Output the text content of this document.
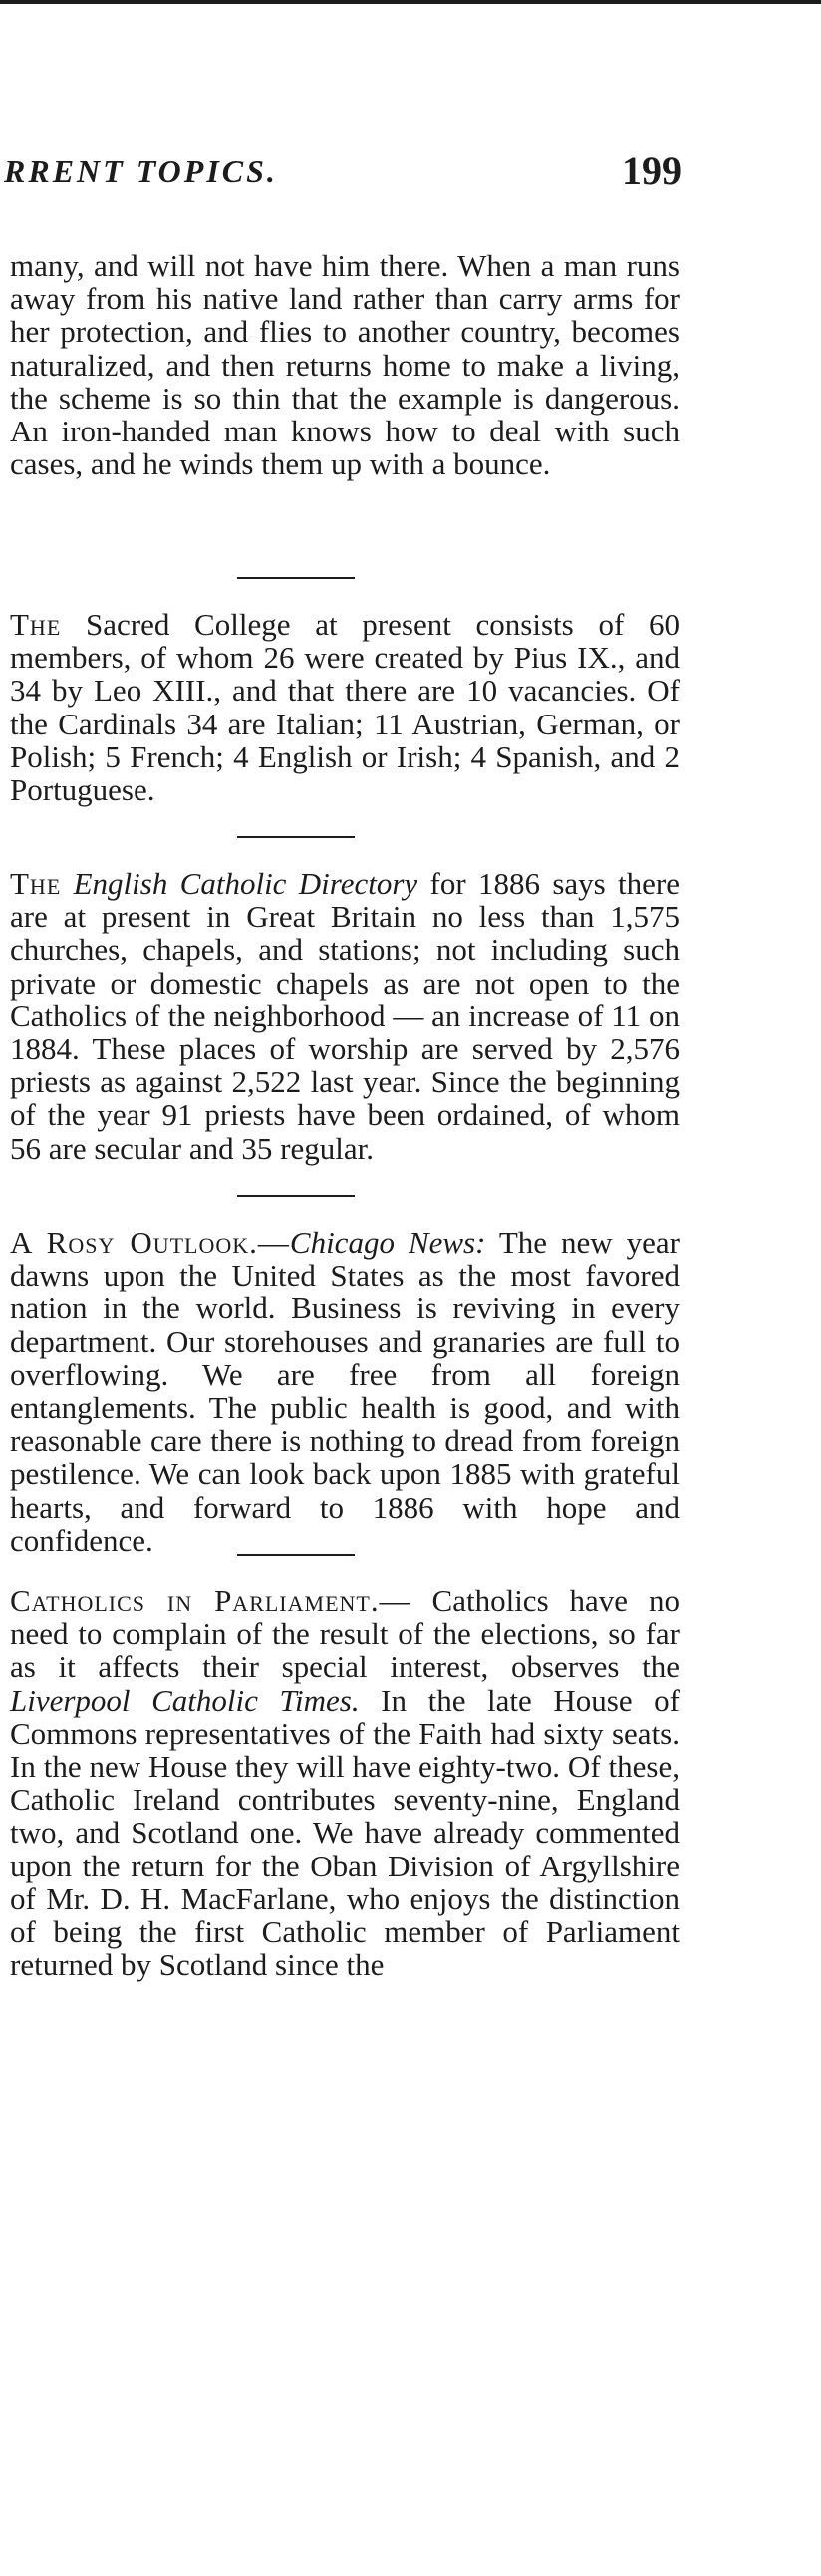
RRENT TOPICS.	199

many, and will not have him there. When a man runs away from his native land rather than carry arms for her protection, and flies to another country, becomes naturalized, and then returns home to make a living, the scheme is so thin that the example is dangerous. An iron-handed man knows how to deal with such cases, and he winds them up with a bounce.

The Sacred College at present consists of 60 members, of whom 26 were created by Pius IX., and 34 by Leo XIII., and that there are 10 vacancies. Of the Cardinals 34 are Italian; 11 Austrian, German, or Polish; 5 French; 4 English or Irish; 4 Spanish, and 2 Portuguese.

The English Catholic Directory for 1886 says there are at present in Great Britain no less than 1,575 churches, chapels, and stations; not including such private or domestic chapels as are not open to the Catholics of the neighborhood — an increase of 11 on 1884. These places of worship are served by 2,576 priests as against 2,522 last year. Since the beginning of the year 91 priests have been ordained, of whom 56 are secular and 35 regular.

A Rosy Outlook.—Chicago News: The new year dawns upon the United States as the most favored nation in the world. Business is reviving in every department. Our storehouses and granaries are full to overflowing. We are free from all foreign entanglements. The public health is good, and with reasonable care there is nothing to dread from foreign pestilence. We can look back upon 1885 with grateful hearts, and forward to 1886 with hope and confidence.

Catholics in Parliament.— Catholics have no need to complain of the result of the elections, so far as it affects their special interest, observes the Liverpool Catholic Times. In the late House of Commons representatives of the Faith had sixty seats. In the new House they will have eighty-two. Of these, Catholic Ireland contributes seventy-nine, England two, and Scotland one. We have already commented upon the return for the Oban Division of Argyllshire of Mr. D. H. MacFarlane, who enjoys the distinction of being the first Catholic member of Parliament returned by Scotland since the
